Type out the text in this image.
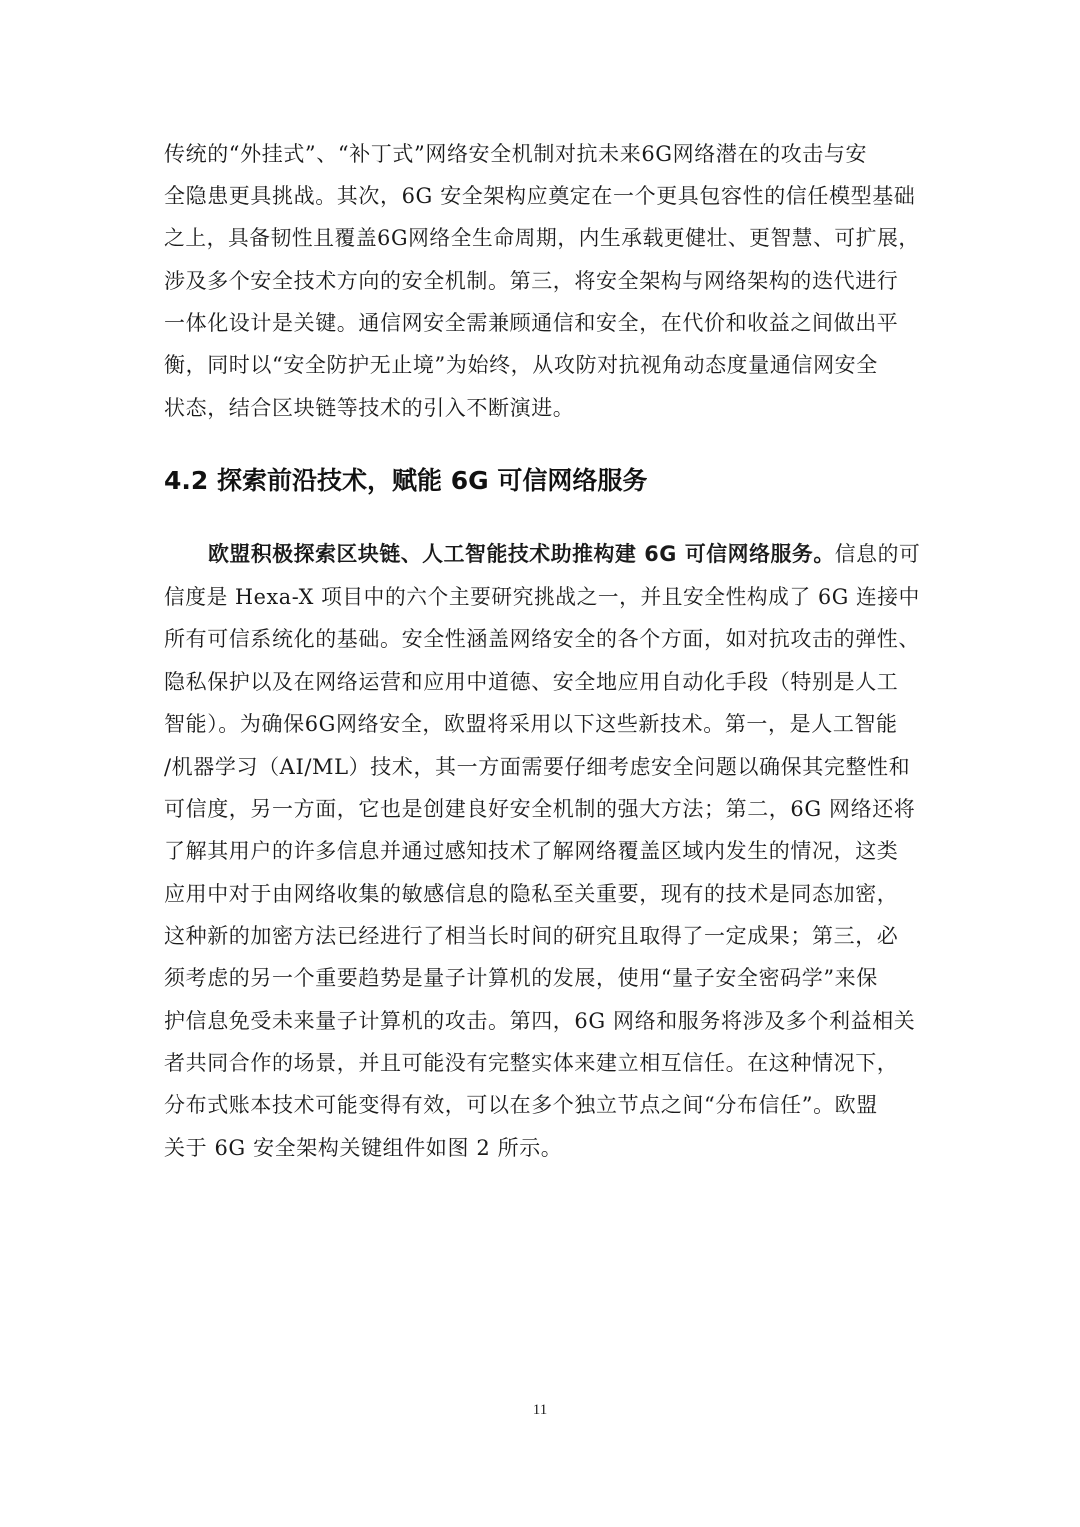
传统的“外挂式”、“补丁式”网络安全机制对抗未来6G网络潜在的攻击与安
全隐患更具挑战。其次，6G 安全架构应奠定在一个更具包容性的信任模型基础
之上，具备韧性且覆盖6G网络全生命周期，内生承载更健壮、更智慧、可扩展，
涉及多个安全技术方向的安全机制。第三，将安全架构与网络架构的迭代进行
一体化设计是关键。通信网安全需兼顾通信和安全，在代价和收益之间做出平
衡，同时以“安全防护无止境”为始终，从攻防对抗视角动态度量通信网安全
状态，结合区块链等技术的引入不断演进。
4.2 探索前沿技术，赋能 6G 可信网络服务
欧盟积极探索区块链、人工智能技术助推构建 6G 可信网络服务。信息的可
信度是 Hexa-X 项目中的六个主要研究挑战之一，并且安全性构成了 6G 连接中
所有可信系统化的基础。安全性涵盖网络安全的各个方面，如对抗攻击的弹性、
隐私保护以及在网络运营和应用中道德、安全地应用自动化手段（特别是人工
智能）。为确保6G网络安全，欧盟将采用以下这些新技术。第一，是人工智能
/机器学习（AI/ML）技术，其一方面需要仔细考虑安全问题以确保其完整性和
可信度，另一方面，它也是创建良好安全机制的强大方法；第二，6G 网络还将
了解其用户的许多信息并通过感知技术了解网络覆盖区域内发生的情况，这类
应用中对于由网络收集的敏感信息的隐私至关重要，现有的技术是同态加密，
这种新的加密方法已经进行了相当长时间的研究且取得了一定成果；第三，必
须考虑的另一个重要趋势是量子计算机的发展，使用“量子安全密码学”来保
护信息免受未来量子计算机的攻击。第四，6G 网络和服务将涉及多个利益相关
者共同合作的场景，并且可能没有完整实体来建立相互信任。在这种情况下，
分布式账本技术可能变得有效，可以在多个独立节点之间“分布信任”。欧盟
关于 6G 安全架构关键组件如图 2 所示。
11
